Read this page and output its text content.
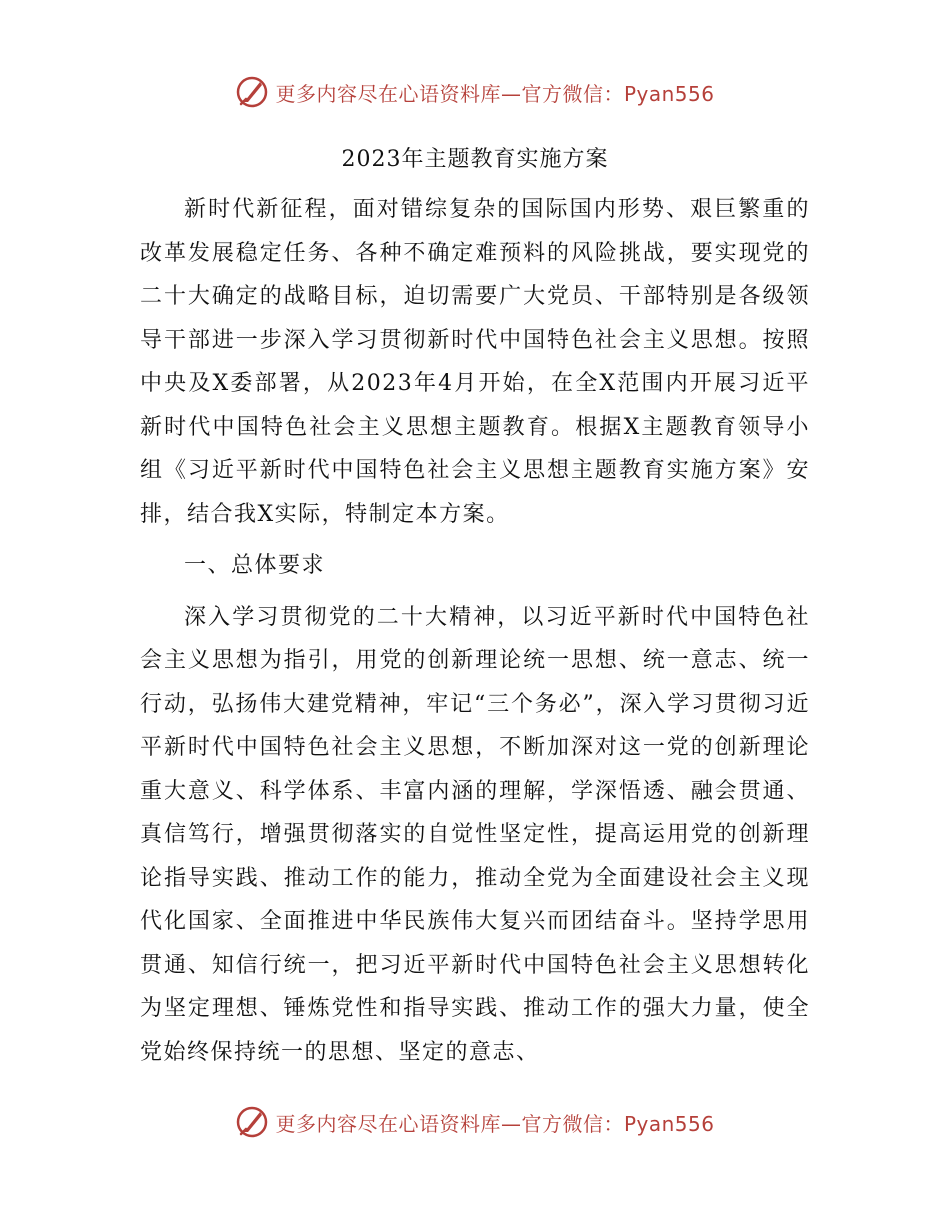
更多内容尽在心语资料库—官方微信：Pyan556
2023年主题教育实施方案

新时代新征程，面对错综复杂的国际国内形势、艰巨繁重的改革发展稳定任务、各种不确定难预料的风险挑战，要实现党的二十大确定的战略目标，迫切需要广大党员、干部特别是各级领导干部进一步深入学习贯彻新时代中国特色社会主义思想。按照中央及X委部署，从2023年4月开始，在全X范围内开展习近平新时代中国特色社会主义思想主题教育。根据X主题教育领导小组《习近平新时代中国特色社会主义思想主题教育实施方案》安排，结合我X实际，特制定本方案。

一、总体要求

深入学习贯彻党的二十大精神，以习近平新时代中国特色社会主义思想为指引，用党的创新理论统一思想、统一意志、统一行动，弘扬伟大建党精神，牢记“三个务必”，深入学习贯彻习近平新时代中国特色社会主义思想，不断加深对这一党的创新理论重大意义、科学体系、丰富内涵的理解，学深悟透、融会贯通、真信笃行，增强贯彻落实的自觉性坚定性，提高运用党的创新理论指导实践、推动工作的能力，推动全党为全面建设社会主义现代化国家、全面推进中华民族伟大复兴而团结奋斗。坚持学思用贯通、知信行统一，把习近平新时代中国特色社会主义思想转化为坚定理想、锤炼党性和指导实践、推动工作的强大力量，使全党始终保持统一的思想、坚定的意志、

更多内容尽在心语资料库—官方微信：Pyan556
